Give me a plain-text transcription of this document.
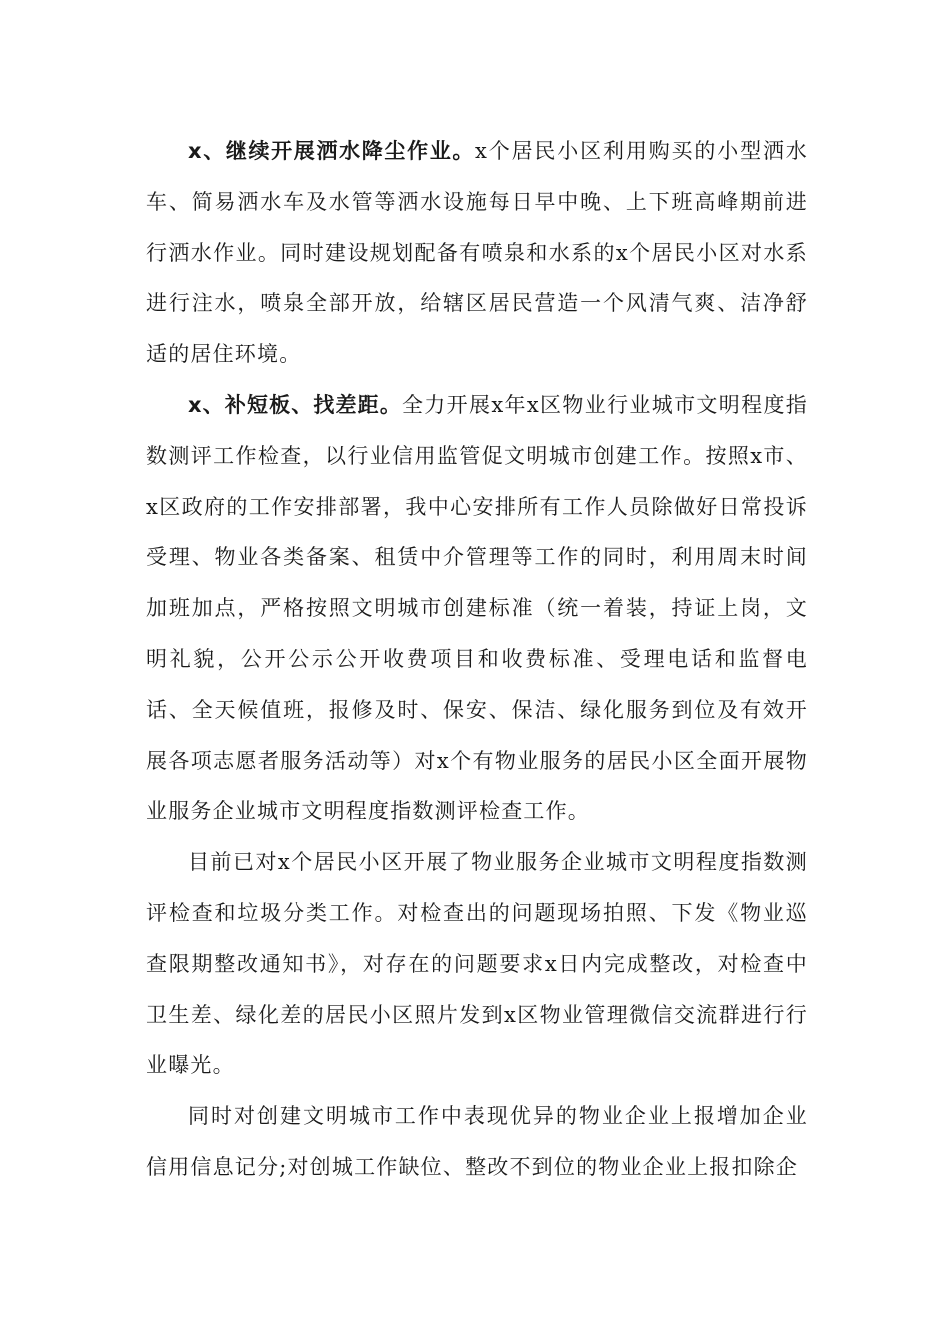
x、继续开展洒水降尘作业。x个居民小区利用购买的小型洒水车、简易洒水车及水管等洒水设施每日早中晚、上下班高峰期前进行洒水作业。同时建设规划配备有喷泉和水系的x个居民小区对水系进行注水，喷泉全部开放，给辖区居民营造一个风清气爽、洁净舒适的居住环境。

x、补短板、找差距。全力开展x年x区物业行业城市文明程度指数测评工作检查，以行业信用监管促文明城市创建工作。按照x市、x区政府的工作安排部署，我中心安排所有工作人员除做好日常投诉受理、物业各类备案、租赁中介管理等工作的同时，利用周末时间加班加点，严格按照文明城市创建标准（统一着装，持证上岗，文明礼貌，公开公示公开收费项目和收费标准、受理电话和监督电话、全天候值班，报修及时、保安、保洁、绿化服务到位及有效开展各项志愿者服务活动等）对x个有物业服务的居民小区全面开展物业服务企业城市文明程度指数测评检查工作。

目前已对x个居民小区开展了物业服务企业城市文明程度指数测评检查和垃圾分类工作。对检查出的问题现场拍照、下发《物业巡查限期整改通知书》，对存在的问题要求x日内完成整改，对检查中卫生差、绿化差的居民小区照片发到x区物业管理微信交流群进行行业曝光。

同时对创建文明城市工作中表现优异的物业企业上报增加企业信用信息记分;对创城工作缺位、整改不到位的物业企业上报扣除企
